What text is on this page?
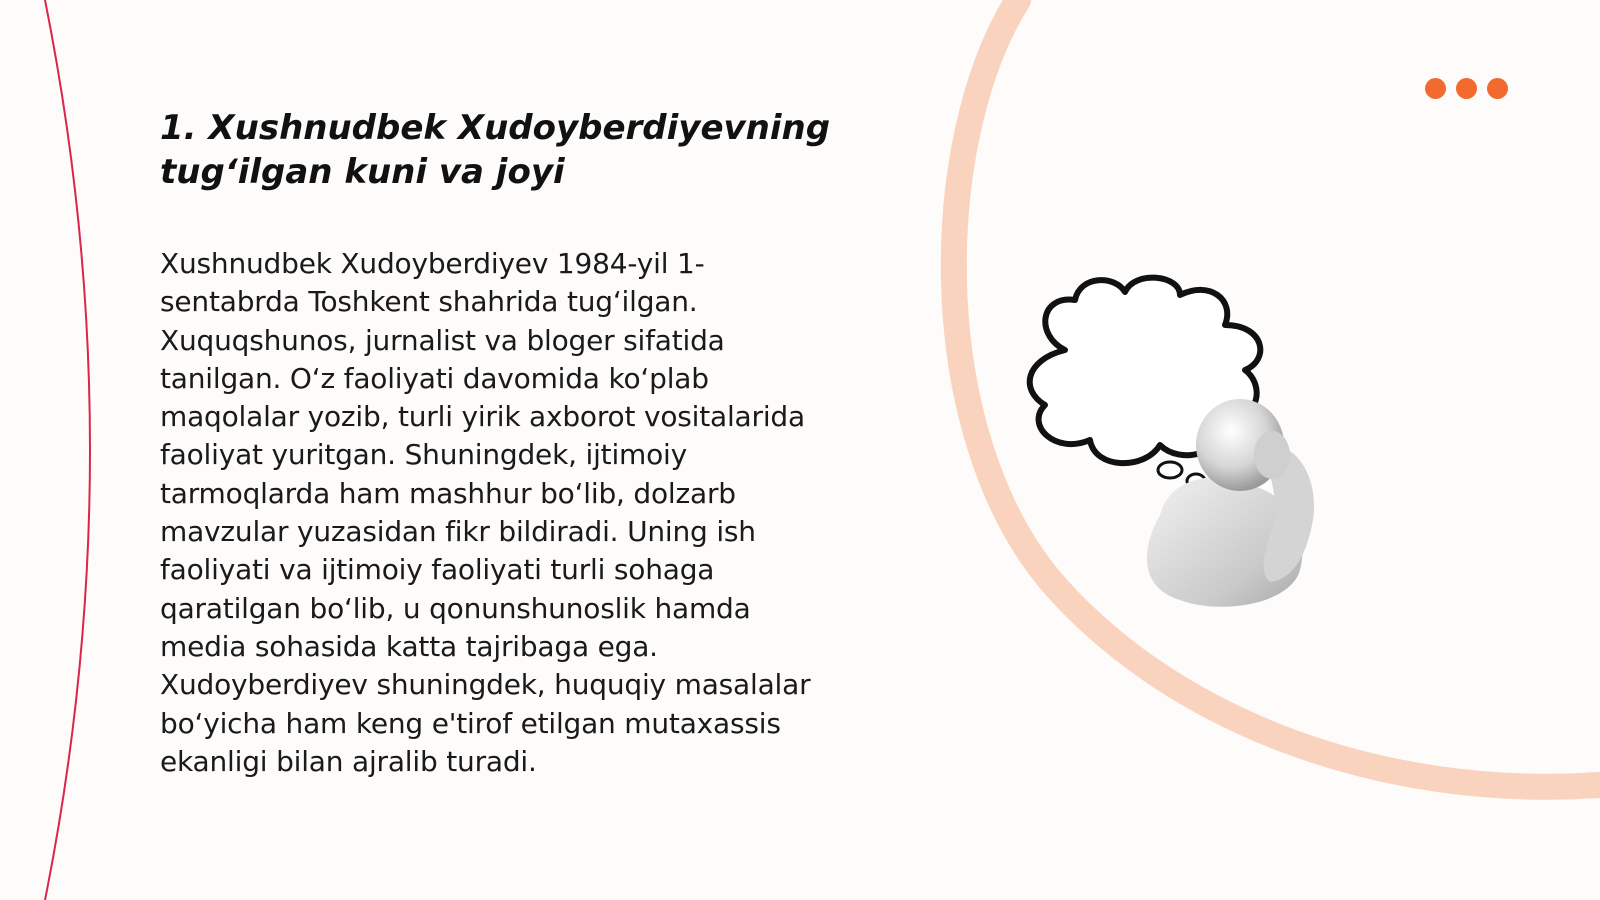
1. Xushnudbek Xudoyberdiyevning tug‘ilgan kuni va joyi

Xushnudbek Xudoyberdiyev 1984-yil 1-sentabrda Toshkent shahrida tug‘ilgan. Xuquqshunos, jurnalist va bloger sifatida tanilgan. O‘z faoliyati davomida ko‘plab maqolalar yozib, turli yirik axborot vositalarida faoliyat yuritgan. Shuningdek, ijtimoiy tarmoqlarda ham mashhur bo‘lib, dolzarb mavzular yuzasidan fikr bildiradi. Uning ish faoliyati va ijtimoiy faoliyati turli sohaga qaratilgan bo‘lib, u qonunshunoslik hamda media sohasida katta tajribaga ega. Xudoyberdiyev shuningdek, huquqiy masalalar bo‘yicha ham keng e'tirof etilgan mutaxassis ekanligi bilan ajralib turadi.
